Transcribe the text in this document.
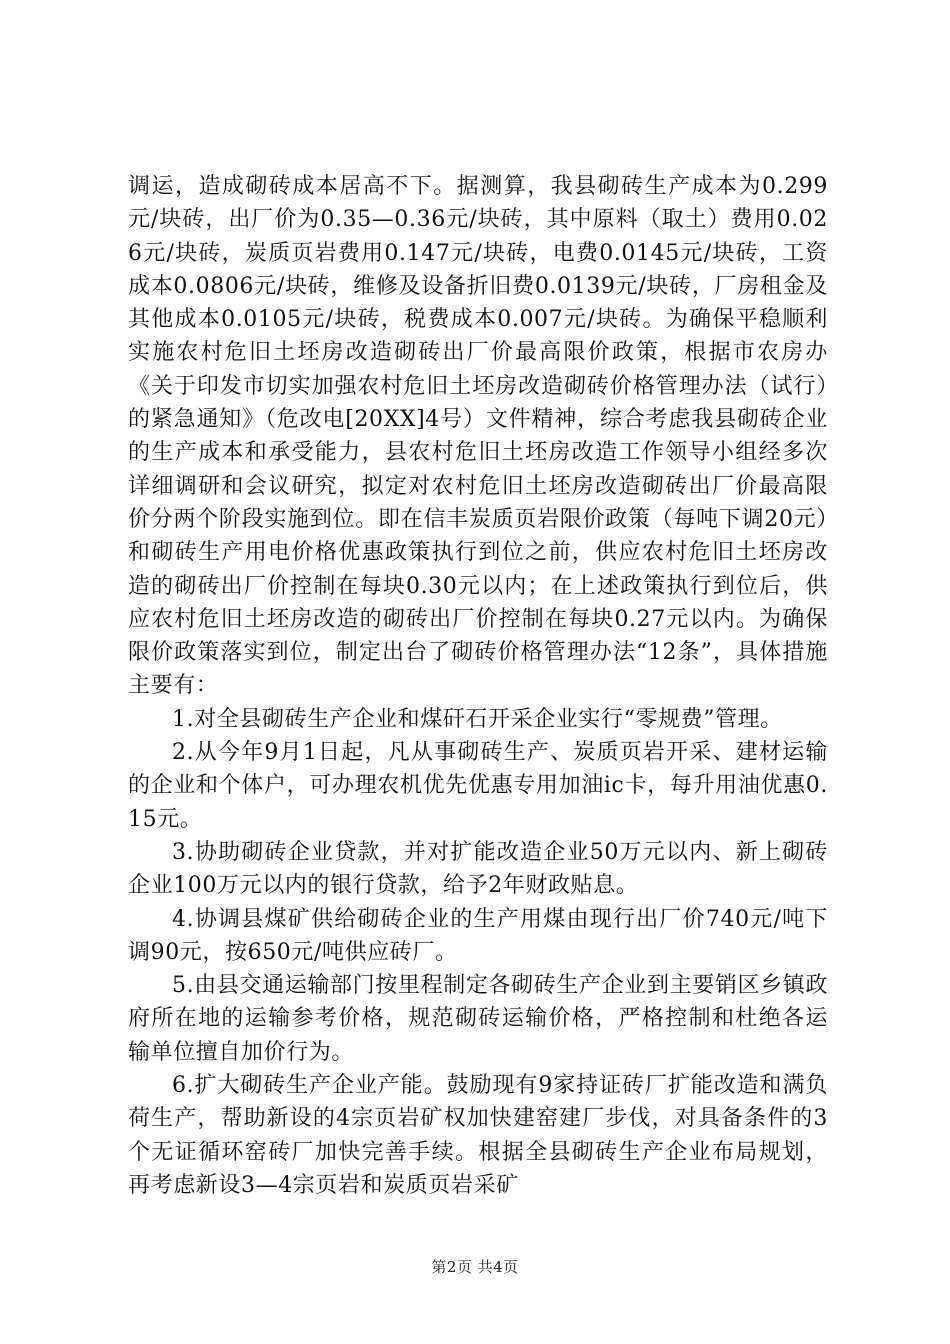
调运，造成砌砖成本居高不下。据测算，我县砌砖生产成本为0.299元/块砖，出厂价为0.35—0.36元/块砖，其中原料（取土）费用0.026元/块砖，炭质页岩费用0.147元/块砖，电费0.0145元/块砖，工资成本0.0806元/块砖，维修及设备折旧费0.0139元/块砖，厂房租金及其他成本0.0105元/块砖，税费成本0.007元/块砖。为确保平稳顺利实施农村危旧土坯房改造砌砖出厂价最高限价政策，根据市农房办《关于印发市切实加强农村危旧土坯房改造砌砖价格管理办法（试行）的紧急通知》（危改电[20XX]4号）文件精神，综合考虑我县砌砖企业的生产成本和承受能力，县农村危旧土坯房改造工作领导小组经多次详细调研和会议研究，拟定对农村危旧土坯房改造砌砖出厂价最高限价分两个阶段实施到位。即在信丰炭质页岩限价政策（每吨下调20元）和砌砖生产用电价格优惠政策执行到位之前，供应农村危旧土坯房改造的砌砖出厂价控制在每块0.30元以内；在上述政策执行到位后，供应农村危旧土坯房改造的砌砖出厂价控制在每块0.27元以内。为确保限价政策落实到位，制定出台了砌砖价格管理办法“12条”，具体措施主要有：

1.对全县砌砖生产企业和煤矸石开采企业实行“零规费”管理。

2.从今年9月1日起，凡从事砌砖生产、炭质页岩开采、建材运输的企业和个体户，可办理农机优先优惠专用加油ic卡，每升用油优惠0.15元。

3.协助砌砖企业贷款，并对扩能改造企业50万元以内、新上砌砖企业100万元以内的银行贷款，给予2年财政贴息。

4.协调县煤矿供给砌砖企业的生产用煤由现行出厂价740元/吨下调90元，按650元/吨供应砖厂。

5.由县交通运输部门按里程制定各砌砖生产企业到主要销区乡镇政府所在地的运输参考价格，规范砌砖运输价格，严格控制和杜绝各运输单位擅自加价行为。

6.扩大砌砖生产企业产能。鼓励现有9家持证砖厂扩能改造和满负荷生产，帮助新设的4宗页岩矿权加快建窑建厂步伐，对具备条件的3个无证循环窑砖厂加快完善手续。根据全县砌砖生产企业布局规划，再考虑新设3—4宗页岩和炭质页岩采矿

第2页 共4页
